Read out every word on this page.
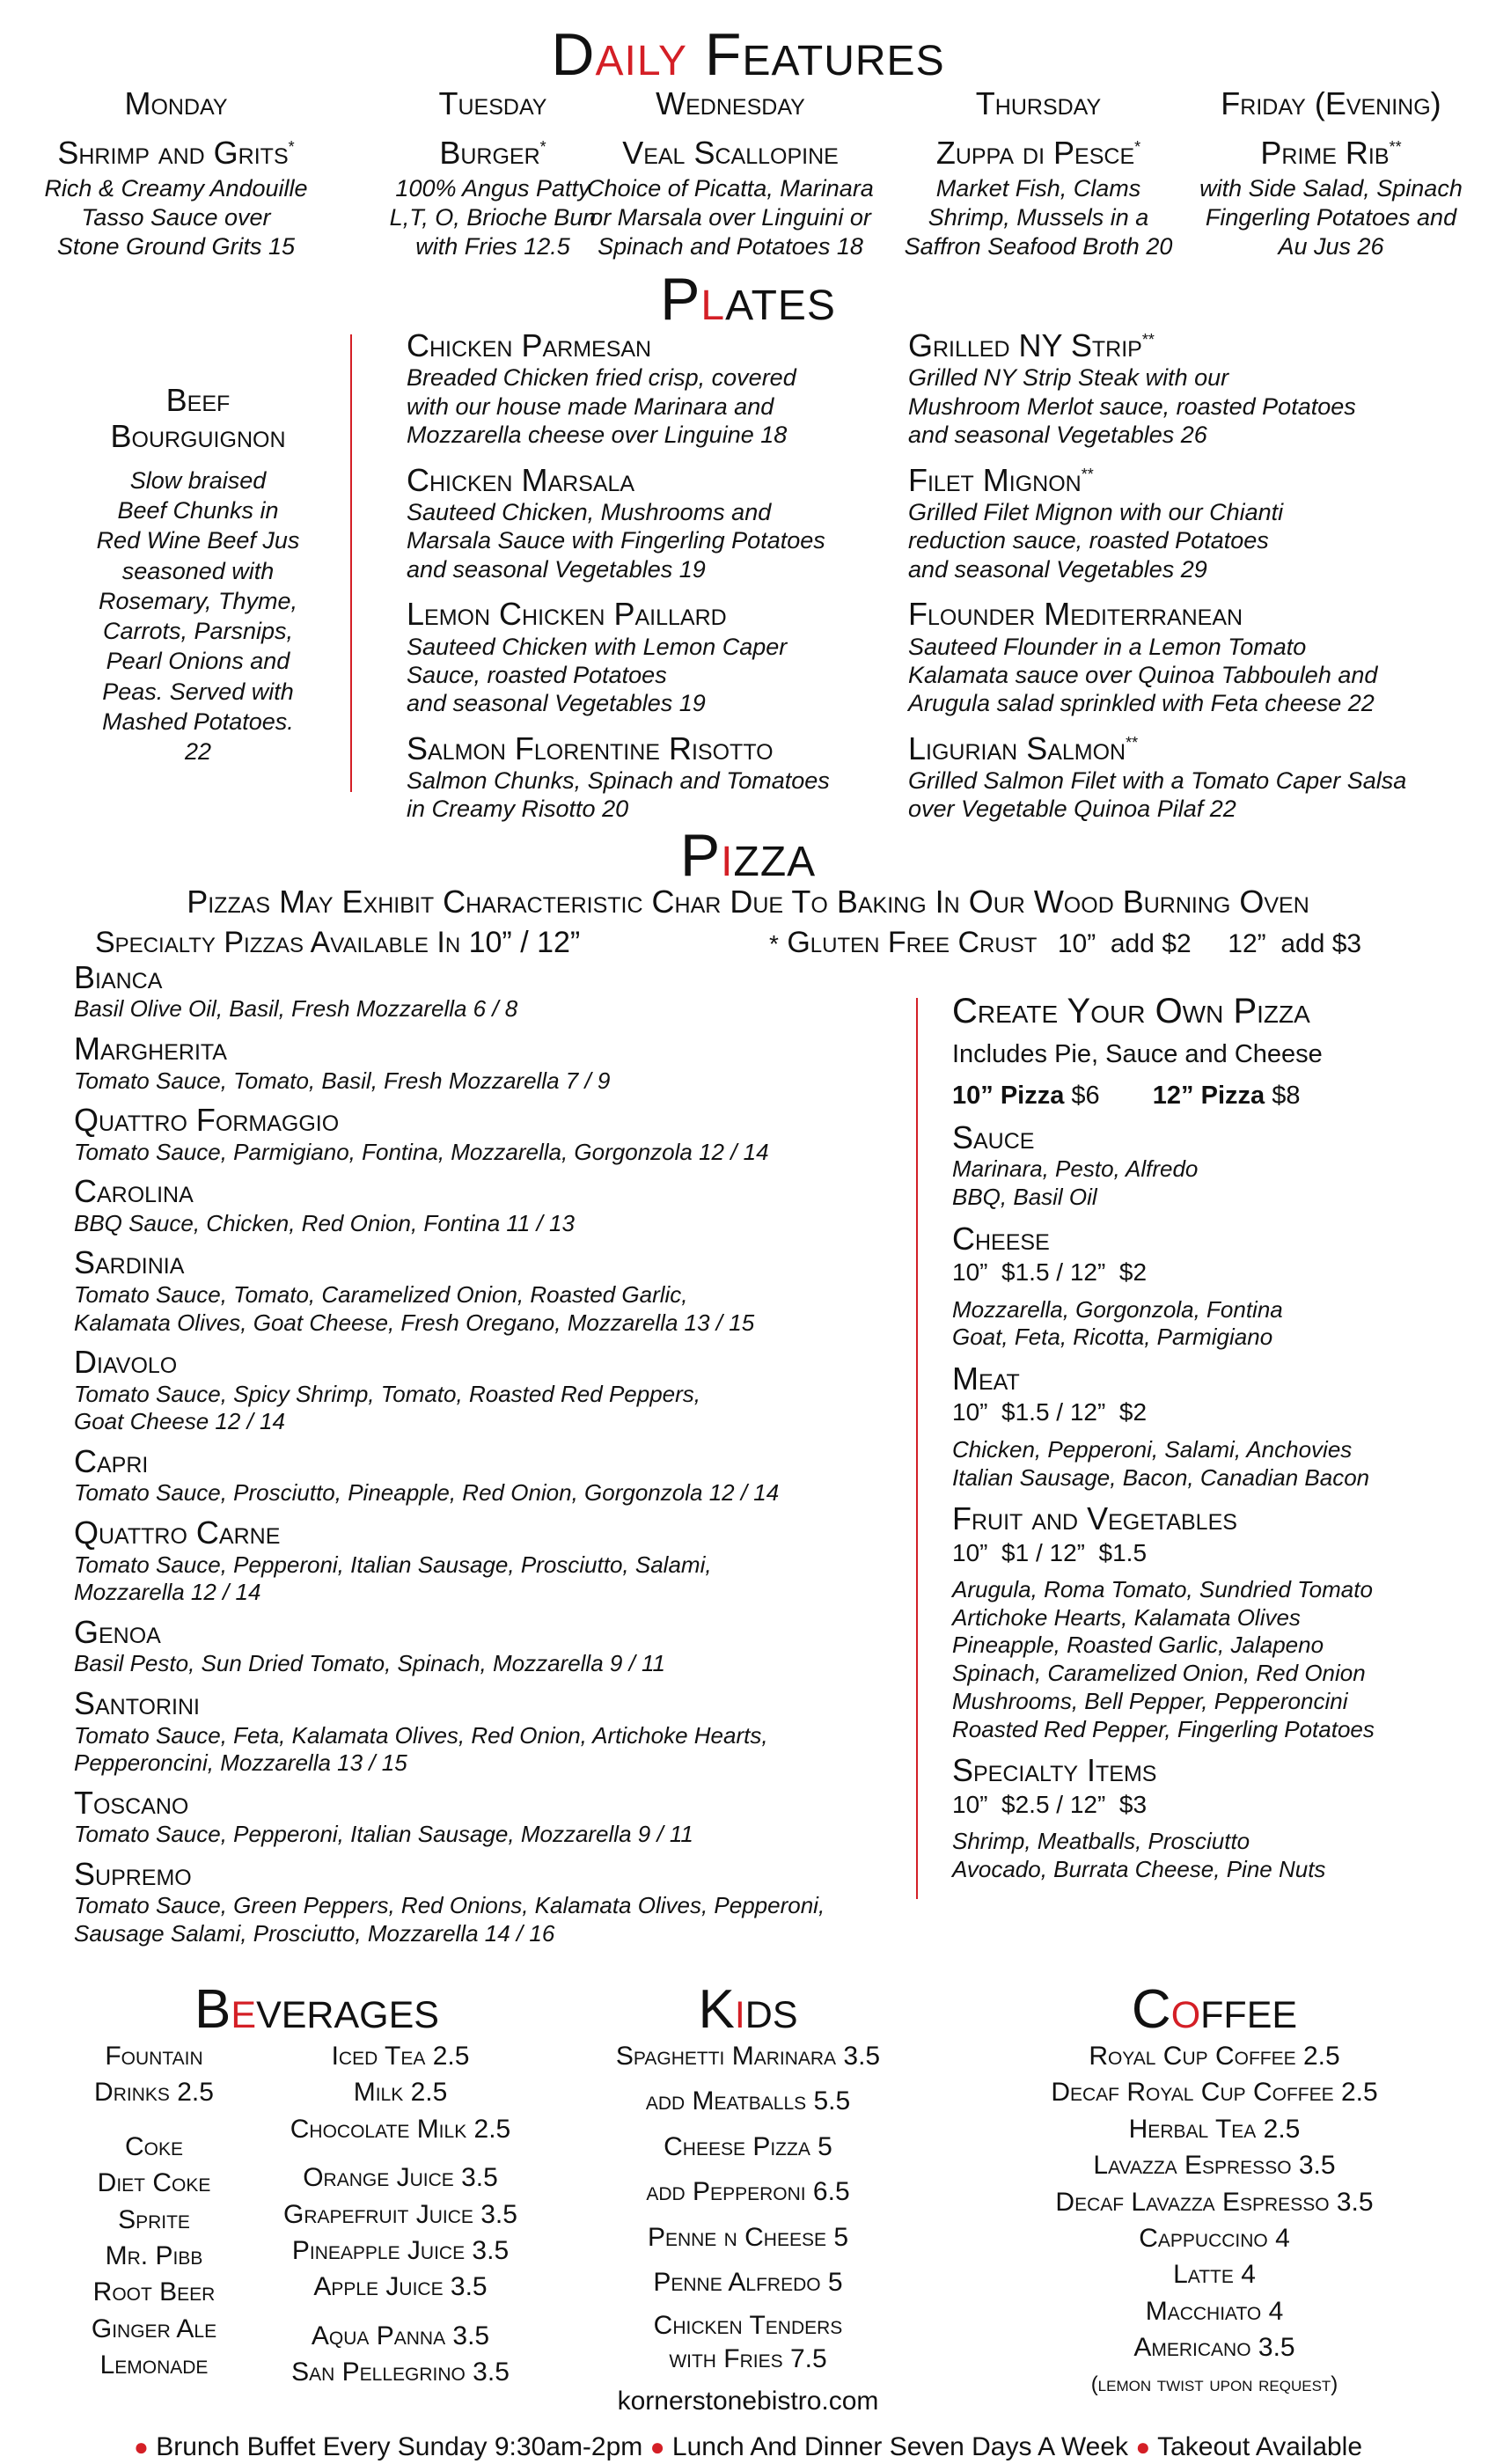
Daily Features
Monday
Shrimp and Grits*
Rich & Creamy Andouille
Tasso Sauce over
Stone Ground Grits 15
Tuesday
Burger*
100% Angus Patty
L,T, O, Brioche Bun
with Fries 12.5
Wednesday
Veal Scallopine
Choice of Picatta, Marinara
or Marsala over Linguini or
Spinach and Potatoes 18
Thursday
Zuppa di Pesce*
Market Fish, Clams
Shrimp, Mussels in a
Saffron Seafood Broth 20
Friday (Evening)
Prime Rib**
with Side Salad, Spinach
Fingerling Potatoes and
Au Jus 26
Plates
Beef
Bourguignon
Slow braised
Beef Chunks in
Red Wine Beef Jus
seasoned with
Rosemary, Thyme,
Carrots, Parsnips,
Pearl Onions and
Peas. Served with
Mashed Potatoes.
22
Chicken Parmesan
Breaded Chicken fried crisp, covered
with our house made Marinara and
Mozzarella cheese over Linguine 18
Chicken Marsala
Sauteed Chicken, Mushrooms and
Marsala Sauce with Fingerling Potatoes
and seasonal Vegetables 19
Lemon Chicken Paillard
Sauteed Chicken with Lemon Caper
Sauce, roasted Potatoes
and seasonal Vegetables 19
Salmon Florentine Risotto
Salmon Chunks, Spinach and Tomatoes
in Creamy Risotto 20
Grilled NY Strip**
Grilled NY Strip Steak with our
Mushroom Merlot sauce, roasted Potatoes
and seasonal Vegetables 26
Filet Mignon**
Grilled Filet Mignon with our Chianti
reduction sauce, roasted Potatoes
and seasonal Vegetables 29
Flounder Mediterranean
Sauteed Flounder in a Lemon Tomato
Kalamata sauce over Quinoa Tabbouleh and
Arugula salad sprinkled with Feta cheese 22
Ligurian Salmon**
Grilled Salmon Filet with a Tomato Caper Salsa
over Vegetable Quinoa Pilaf 22
Pizza
Pizzas May Exhibit Characteristic Char Due To Baking In Our Wood Burning Oven
Specialty Pizzas Available In 10” / 12”	* Gluten Free Crust 10”  add $2     12”  add $3
Bianca
Basil Olive Oil, Basil, Fresh Mozzarella 6 / 8
Margherita
Tomato Sauce, Tomato, Basil, Fresh Mozzarella 7 / 9
Quattro Formaggio
Tomato Sauce, Parmigiano, Fontina, Mozzarella, Gorgonzola 12 / 14
Carolina
BBQ Sauce, Chicken, Red Onion, Fontina 11 / 13
Sardinia
Tomato Sauce, Tomato, Caramelized Onion, Roasted Garlic,
Kalamata Olives, Goat Cheese, Fresh Oregano, Mozzarella 13 / 15
Diavolo
Tomato Sauce, Spicy Shrimp, Tomato, Roasted Red Peppers,
Goat Cheese 12 / 14
Capri
Tomato Sauce, Prosciutto, Pineapple, Red Onion, Gorgonzola 12 / 14
Quattro Carne
Tomato Sauce, Pepperoni, Italian Sausage, Prosciutto, Salami,
Mozzarella 12 / 14
Genoa
Basil Pesto, Sun Dried Tomato, Spinach, Mozzarella 9 / 11
Santorini
Tomato Sauce, Feta, Kalamata Olives, Red Onion, Artichoke Hearts,
Pepperoncini, Mozzarella 13 / 15
Toscano
Tomato Sauce, Pepperoni, Italian Sausage, Mozzarella 9 / 11
Supremo
Tomato Sauce, Green Peppers, Red Onions, Kalamata Olives, Pepperoni,
Sausage Salami, Prosciutto, Mozzarella 14 / 16
Create Your Own Pizza
Includes Pie, Sauce and Cheese
10” Pizza $6 12” Pizza $8
Sauce
Marinara, Pesto, Alfredo
BBQ, Basil Oil
Cheese
10”  $1.5 / 12”  $2
Mozzarella, Gorgonzola, Fontina
Goat, Feta, Ricotta, Parmigiano
Meat
10”  $1.5 / 12”  $2
Chicken, Pepperoni, Salami, Anchovies
Italian Sausage, Bacon, Canadian Bacon
Fruit and Vegetables
10”  $1 / 12”  $1.5
Arugula, Roma Tomato, Sundried Tomato
Artichoke Hearts, Kalamata Olives
Pineapple, Roasted Garlic, Jalapeno
Spinach, Caramelized Onion, Red Onion
Mushrooms, Bell Pepper, Pepperoncini
Roasted Red Pepper, Fingerling Potatoes
Specialty Items
10”  $2.5 / 12”  $3
Shrimp, Meatballs, Prosciutto
Avocado, Burrata Cheese, Pine Nuts
Beverages
Fountain
Drinks 2.5
Coke
Diet Coke
Sprite
Mr. Pibb
Root Beer
Ginger Ale
Lemonade
Iced Tea 2.5
Milk 2.5
Chocolate Milk 2.5
Orange Juice 3.5
Grapefruit Juice 3.5
Pineapple Juice 3.5
Apple Juice 3.5
Aqua Panna 3.5
San Pellegrino 3.5
Kids
Spaghetti Marinara 3.5
add Meatballs 5.5
Cheese Pizza 5
add Pepperoni 6.5
Penne n Cheese 5
Penne Alfredo 5
Chicken Tenders
with Fries 7.5
kornerstonebistro.com
Coffee
Royal Cup Coffee 2.5
Decaf Royal Cup Coffee 2.5
Herbal Tea 2.5
Lavazza Espresso 3.5
Decaf Lavazza Espresso 3.5
Cappuccino 4
Latte 4
Macchiato 4
Americano 3.5
(lemon twist upon request)
● Brunch Buffet Every Sunday 9:30am-2pm ● Lunch And Dinner Seven Days A Week ● Takeout Available
